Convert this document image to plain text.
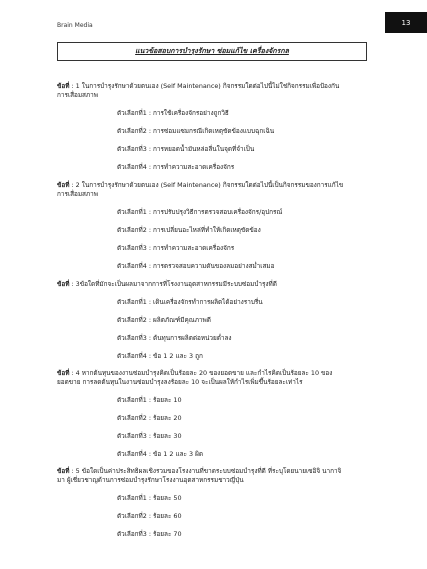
Brain Media	13
แนวข้อสอบการบำรุงรักษา ซ่อมแก้ไข เครื่องจักรกล
ข้อที่ : 1 ในการบำรุงรักษาด้วยตนเอง (Self Maintenance) กิจกรรมใดต่อไปนี้ไม่ใช่กิจกรรมเพื่อป้องกัน
การเสื่อมสภาพ
ตัวเลือกที่1 : การใช้เครื่องจักรอย่างถูกวิธี
ตัวเลือกที่2 : การซ่อมแซมกรณีเกิดเหตุขัดข้องแบบฉุกเฉิน
ตัวเลือกที่3 : การหยอดน้ำมันหล่อลื่นในจุดที่จำเป็น
ตัวเลือกที่4 : การทำความสะอาดเครื่องจักร
ข้อที่ : 2 ในการบำรุงรักษาด้วยตนเอง (Self Maintenance) กิจกรรมใดต่อไปนี้เป็นกิจกรรมของการแก้ไข
การเสื่อมสภาพ
ตัวเลือกที่1 : การปรับปรุงวิธีการตรวจสอบเครื่องจักร/อุปกรณ์
ตัวเลือกที่2 : การเปลี่ยนอะไหล่ที่ทำให้เกิดเหตุขัดข้อง
ตัวเลือกที่3 : การทำความสะอาดเครื่องจักร
ตัวเลือกที่4 : การตรวจสอบความดันของลมอย่างสม่ำเสมอ
ข้อที่ : 3ข้อใดที่มักจะเป็นผลมาจากการที่โรงงานอุตสาหกรรมมีระบบซ่อมบำรุงที่ดี
ตัวเลือกที่1 : เดินเครื่องจักรทำการผลิตได้อย่างราบรื่น
ตัวเลือกที่2 : ผลิตภัณฑ์มีคุณภาพดี
ตัวเลือกที่3 : ต้นทุนการผลิตต่อหน่วยต่ำลง
ตัวเลือกที่4 : ข้อ 1 2 และ 3 ถูก
ข้อที่ : 4 หากต้นทุนของงานซ่อมบำรุงคิดเป็นร้อยละ 20 ของยอดขาย และกำไรคิดเป็นร้อยละ 10 ของ
ยอดขาย การลดต้นทุนในงานซ่อมบำรุงลงร้อยละ 10 จะเป็นผลให้กำไรเพิ่มขึ้นร้อยละเท่าไร
ตัวเลือกที่1 : ร้อยละ 10
ตัวเลือกที่2 : ร้อยละ 20
ตัวเลือกที่3 : ร้อยละ 30
ตัวเลือกที่4 : ข้อ 1 2 และ 3 ผิด
ข้อที่ : 5 ข้อใดเป็นค่าประสิทธิผลเชิงรวมของโรงงานที่ขาดระบบซ่อมบำรุงที่ดี ที่ระบุโดยนายเซอิจิ นากาจิ
มา ผู้เชี่ยวชาญด้านการซ่อมบำรุงรักษาโรงงานอุตสาหกรรมชาวญี่ปุ่น
ตัวเลือกที่1 : ร้อยละ 50
ตัวเลือกที่2 : ร้อยละ 60
ตัวเลือกที่3 : ร้อยละ 70
